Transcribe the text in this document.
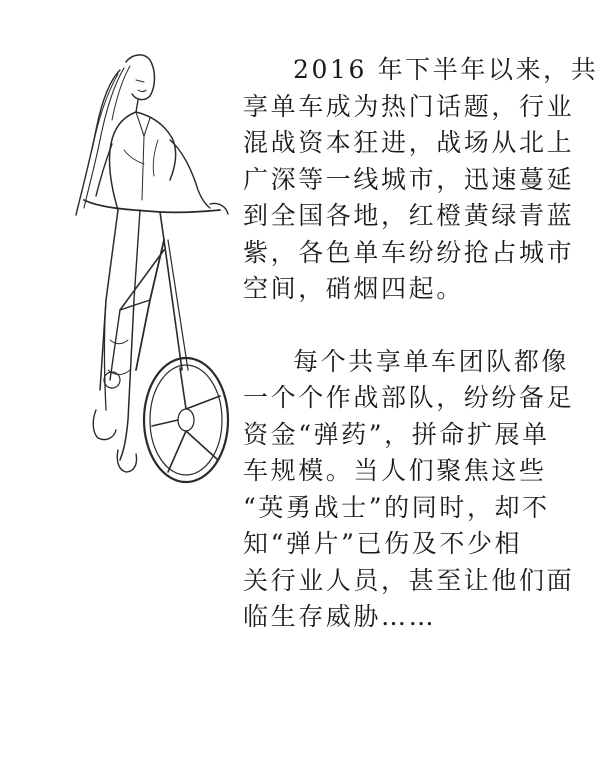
2016 年下半年以来，共
享单车成为热门话题，行业
混战资本狂进，战场从北上
广深等一线城市，迅速蔓延
到全国各地，红橙黄绿青蓝
紫，各色单车纷纷抢占城市
空间，硝烟四起。
每个共享单车团队都像
一个个作战部队，纷纷备足
资金“弹药”，拼命扩展单
车规模。当人们聚焦这些
“英勇战士”的同时，却不
知“弹片”已伤及不少相
关行业人员，甚至让他们面
临生存威胁……
